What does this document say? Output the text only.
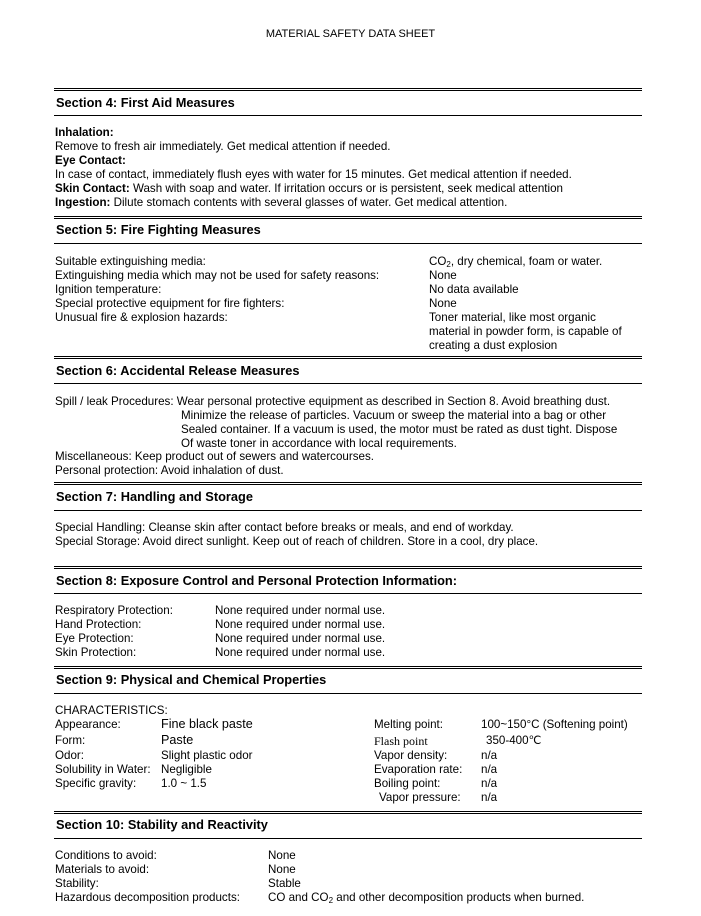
MATERIAL SAFETY DATA SHEET
Section 4: First Aid Measures
Inhalation:
Remove to fresh air immediately. Get medical attention if needed.
Eye Contact:
In case of contact, immediately flush eyes with water for 15 minutes. Get medical attention if needed.
Skin Contact: Wash with soap and water. If irritation occurs or is persistent, seek medical attention
Ingestion: Dilute stomach contents with several glasses of water. Get medical attention.
Section 5: Fire Fighting Measures
Suitable extinguishing media:
Extinguishing media which may not be used for safety reasons:
Ignition temperature:
Special protective equipment for fire fighters:
Unusual fire & explosion hazards:
$CO_2$, dry chemical, foam or water.
None
No data available
None
Toner material, like most organic
material in powder form, is capable of
creating a dust explosion
Section 6: Accidental Release Measures
Spill / leak Procedures: Wear personal protective equipment as described in Section 8. Avoid breathing dust.
Minimize the release of particles. Vacuum or sweep the material into a bag or other
Sealed container. If a vacuum is used, the motor must be rated as dust tight. Dispose
Of waste toner in accordance with local requirements.
Miscellaneous: Keep product out of sewers and watercourses.
Personal protection: Avoid inhalation of dust.
Section 7: Handling and Storage
Special Handling: Cleanse skin after contact before breaks or meals, and end of workday.
Special Storage: Avoid direct sunlight. Keep out of reach of children. Store in a cool, dry place.
Section 8: Exposure Control and Personal Protection Information:
Respiratory Protection:
Hand Protection:
Eye Protection:
Skin Protection:
None required under normal use.
None required under normal use.
None required under normal use.
None required under normal use.
Section 9: Physical and Chemical Properties
CHARACTERISTICS:
Appearance:
Form:
Odor:
Solubility in Water:
Specific gravity:
Fine black paste
Paste
Slight plastic odor
Negligible
1.0 ~ 1.5
Melting point:
Flash point
Vapor density:
Evaporation rate:
Boiling point:
Vapor pressure:
100~150°C (Softening point)
350-400℃
n/a
n/a
n/a
n/a
Section 10: Stability and Reactivity
Conditions to avoid:
Materials to avoid:
Stability:
Hazardous decomposition products:
None
None
Stable
CO and $CO_2$ and other decomposition products when burned.
